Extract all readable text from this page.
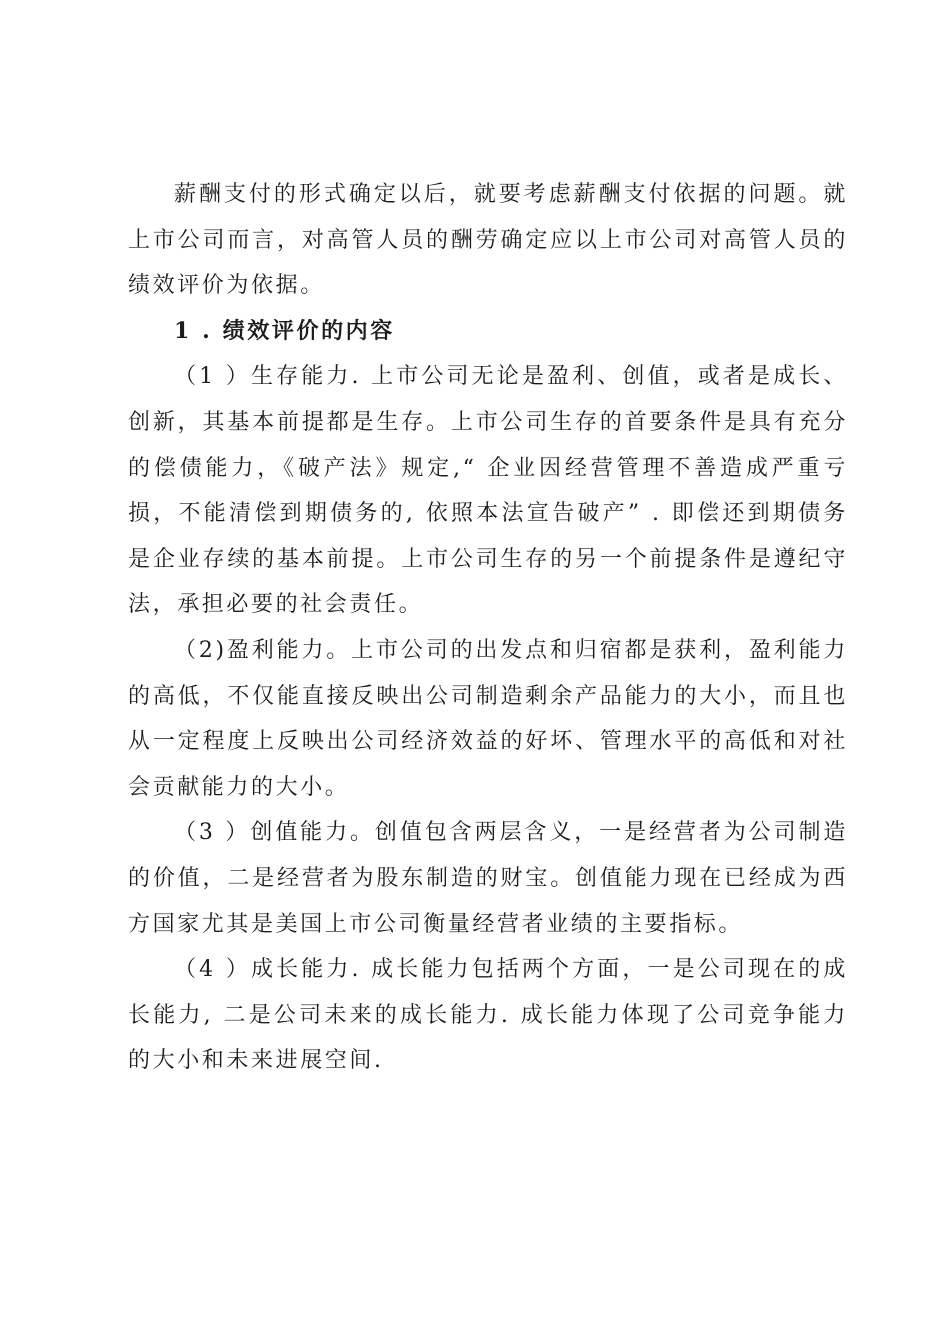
薪酬支付的形式确定以后，就要考虑薪酬支付依据的问题。就上市公司而言，对高管人员的酬劳确定应以上市公司对高管人员的绩效评价为依据。

1 . 绩效评价的内容

（1 ）生存能力. 上市公司无论是盈利、创值，或者是成长、创新，其基本前提都是生存。上市公司生存的首要条件是具有充分的偿债能力，《破产法》规定,“ 企业因经营管理不善造成严重亏损，不能清偿到期债务的, 依照本法宣告破产” . 即偿还到期债务是企业存续的基本前提。上市公司生存的另一个前提条件是遵纪守法，承担必要的社会责任。

（2)盈利能力。上市公司的出发点和归宿都是获利，盈利能力的高低，不仅能直接反映出公司制造剩余产品能力的大小，而且也从一定程度上反映出公司经济效益的好坏、管理水平的高低和对社会贡献能力的大小。

（3 ）创值能力。创值包含两层含义，一是经营者为公司制造的价值，二是经营者为股东制造的财宝。创值能力现在已经成为西方国家尤其是美国上市公司衡量经营者业绩的主要指标。

（4 ）成长能力. 成长能力包括两个方面，一是公司现在的成长能力, 二是公司未来的成长能力. 成长能力体现了公司竞争能力的大小和未来进展空间.
